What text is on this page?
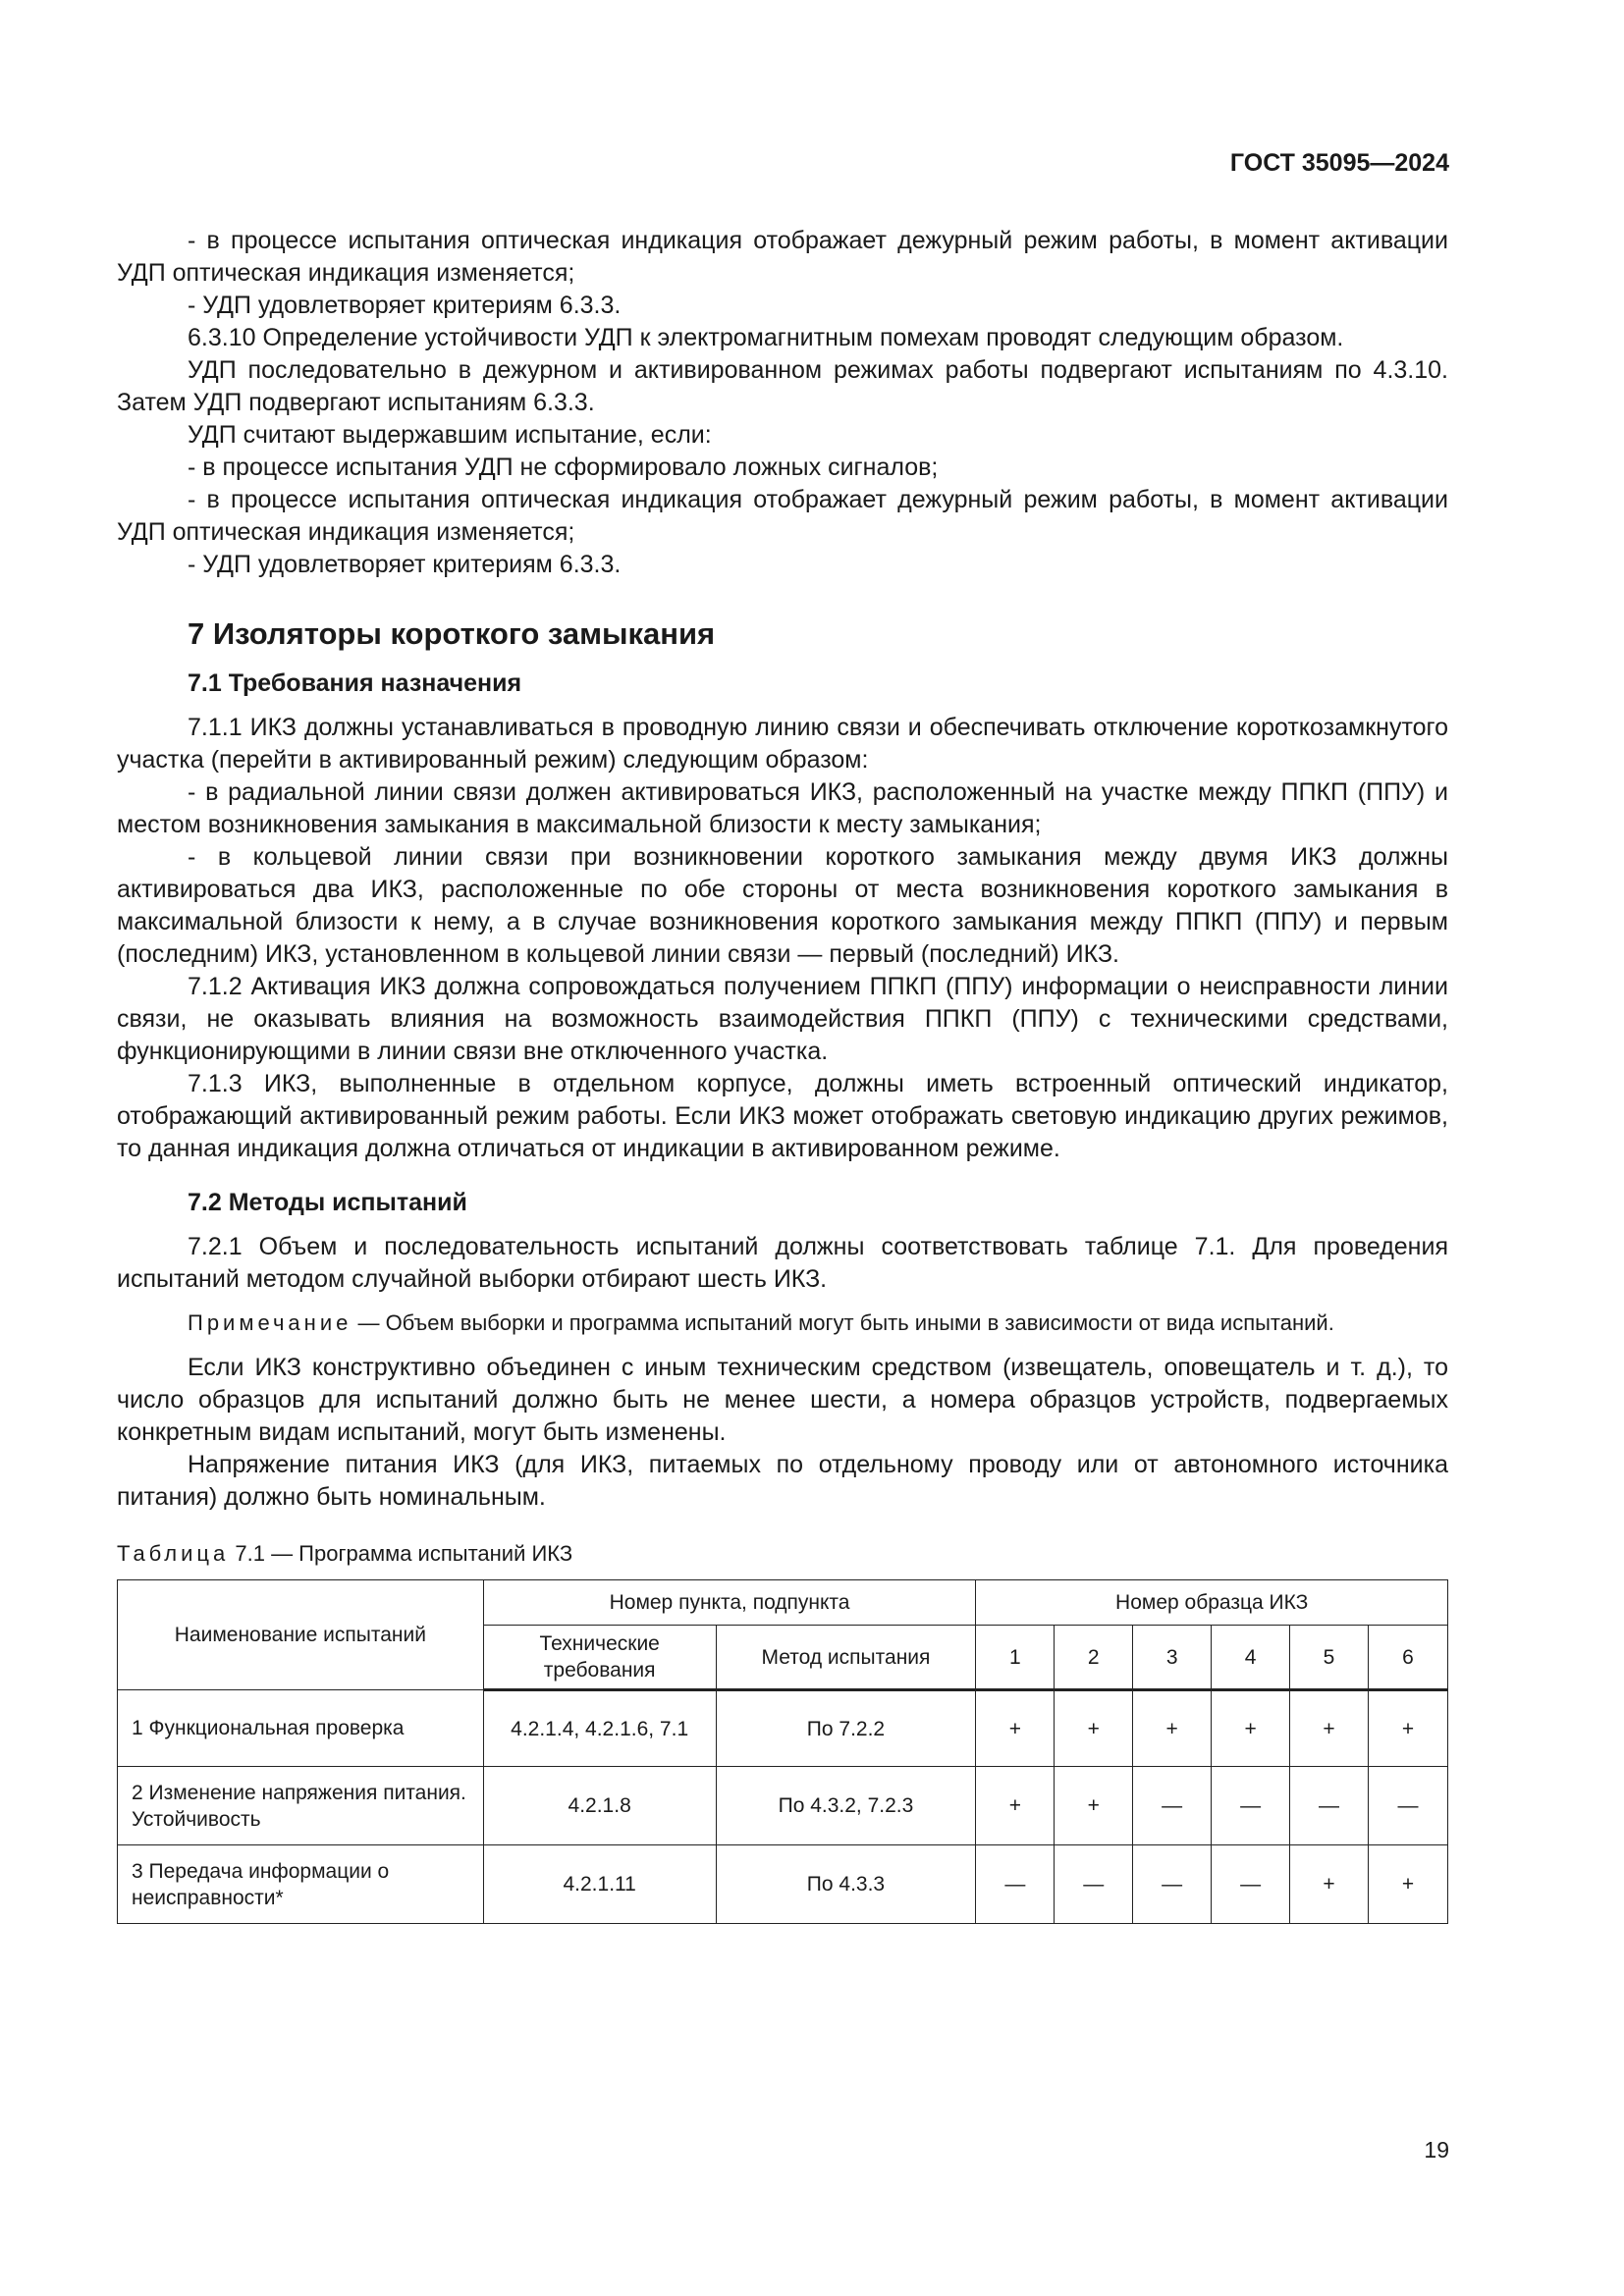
ГОСТ 35095—2024

- в процессе испытания оптическая индикация отображает дежурный режим работы, в момент активации УДП оптическая индикация изменяется;

- УДП удовлетворяет критериям 6.3.3.

6.3.10 Определение устойчивости УДП к электромагнитным помехам проводят следующим образом.

УДП последовательно в дежурном и активированном режимах работы подвергают испытаниям по 4.3.10. Затем УДП подвергают испытаниям 6.3.3.

УДП считают выдержавшим испытание, если:

- в процессе испытания УДП не сформировало ложных сигналов;

- в процессе испытания оптическая индикация отображает дежурный режим работы, в момент активации УДП оптическая индикация изменяется;

- УДП удовлетворяет критериям 6.3.3.

7 Изоляторы короткого замыкания

7.1 Требования назначения

7.1.1 ИКЗ должны устанавливаться в проводную линию связи и обеспечивать отключение короткозамкнутого участка (перейти в активированный режим) следующим образом:

- в радиальной линии связи должен активироваться ИКЗ, расположенный на участке между ППКП (ППУ) и местом возникновения замыкания в максимальной близости к месту замыкания;

- в кольцевой линии связи при возникновении короткого замыкания между двумя ИКЗ должны активироваться два ИКЗ, расположенные по обе стороны от места возникновения короткого замыкания в максимальной близости к нему, а в случае возникновения короткого замыкания между ППКП (ППУ) и первым (последним) ИКЗ, установленном в кольцевой линии связи — первый (последний) ИКЗ.

7.1.2 Активация ИКЗ должна сопровождаться получением ППКП (ППУ) информации о неисправности линии связи, не оказывать влияния на возможность взаимодействия ППКП (ППУ) с техническими средствами, функционирующими в линии связи вне отключенного участка.

7.1.3 ИКЗ, выполненные в отдельном корпусе, должны иметь встроенный оптический индикатор, отображающий активированный режим работы. Если ИКЗ может отображать световую индикацию других режимов, то данная индикация должна отличаться от индикации в активированном режиме.

7.2 Методы испытаний

7.2.1 Объем и последовательность испытаний должны соответствовать таблице 7.1. Для проведения испытаний методом случайной выборки отбирают шесть ИКЗ.

Примечание — Объем выборки и программа испытаний могут быть иными в зависимости от вида испытаний.

Если ИКЗ конструктивно объединен с иным техническим средством (извещатель, оповещатель и т. д.), то число образцов для испытаний должно быть не менее шести, а номера образцов устройств, подвергаемых конкретным видам испытаний, могут быть изменены.

Напряжение питания ИКЗ (для ИКЗ, питаемых по отдельному проводу или от автономного источника питания) должно быть номинальным.

Таблица 7.1 — Программа испытаний ИКЗ

Наименование испытаний	Номер пункта, подпункта		Номер образца ИКЗ					
	Технические требования	Метод испытания	1	2	3	4	5	6
1 Функциональная проверка	4.2.1.4, 4.2.1.6, 7.1	По 7.2.2	+	+	+	+	+	+
2 Изменение напряжения питания. Устойчивость	4.2.1.8	По 4.3.2, 7.2.3	+	+	—	—	—	—
3 Передача информации о неисправности*	4.2.1.11	По 4.3.3	—	—	—	—	+	+
19
